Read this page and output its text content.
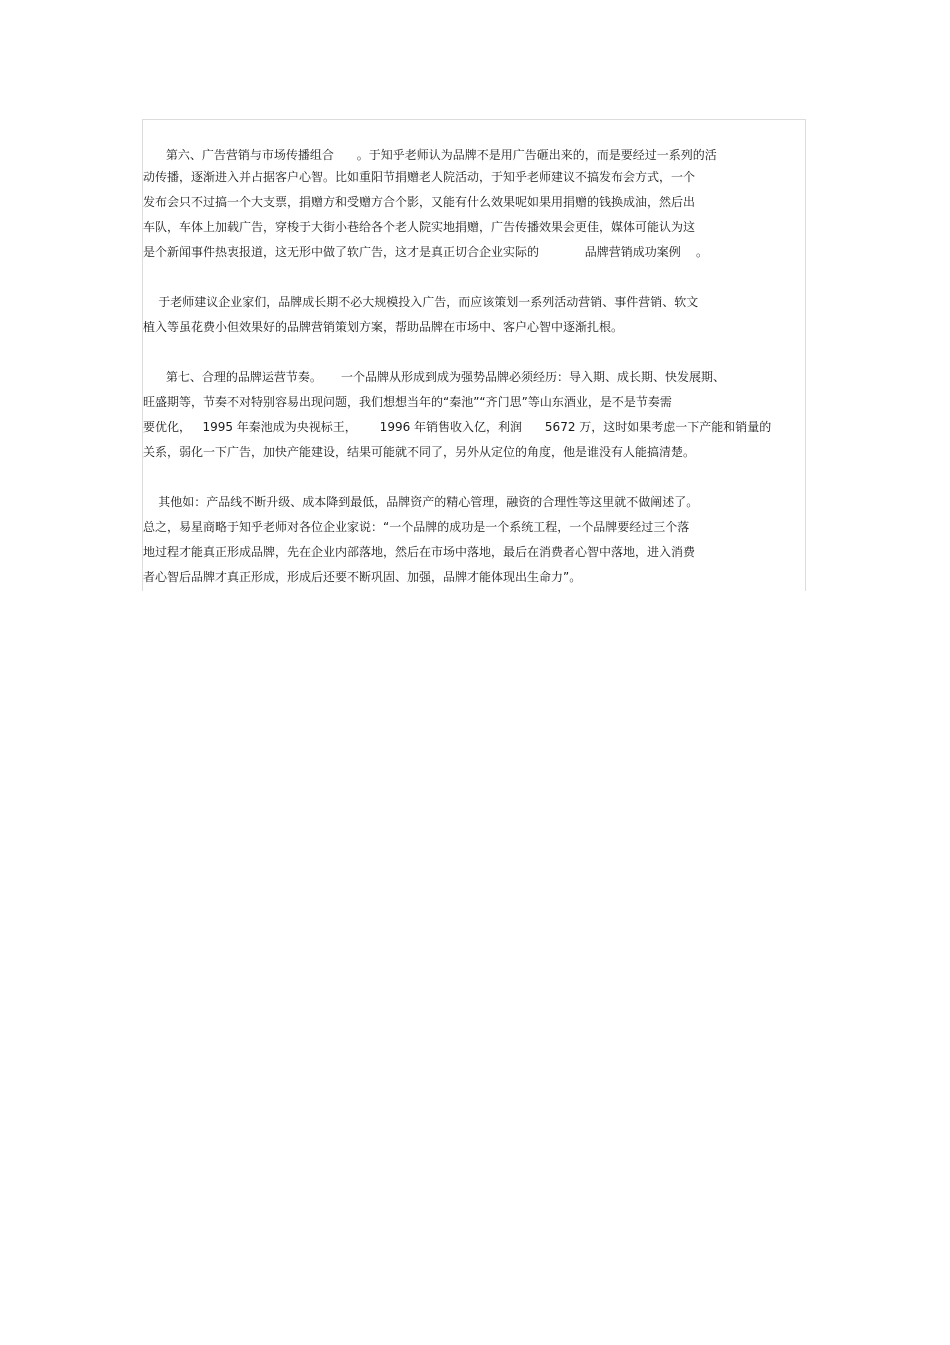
第六、广告营销与市场传播组合      。于知乎老师认为品牌不是用广告砸出来的，而是要经过一系列的活
动传播，逐渐进入并占据客户心智。比如重阳节捐赠老人院活动，于知乎老师建议不搞发布会方式，一个
发布会只不过搞一个大支票，捐赠方和受赠方合个影，又能有什么效果呢如果用捐赠的钱换成油，然后出
车队，车体上加载广告，穿梭于大街小巷给各个老人院实地捐赠，广告传播效果会更佳，媒体可能认为这
是个新闻事件热衷报道，这无形中做了软广告，这才是真正切合企业实际的            品牌营销成功案例    。
于老师建议企业家们，品牌成长期不必大规模投入广告，而应该策划一系列活动营销、事件营销、软文
植入等虽花费小但效果好的品牌营销策划方案，帮助品牌在市场中、客户心智中逐渐扎根。
第七、合理的品牌运营节奏。     一个品牌从形成到成为强势品牌必须经历：导入期、成长期、快发展期、
旺盛期等，节奏不对特别容易出现问题，我们想想当年的“秦池”“齐门思”等山东酒业，是不是节奏需
要优化，   1995 年秦池成为央视标王，      1996 年销售收入亿，利润      5672 万，这时如果考虑一下产能和销量的
关系，弱化一下广告，加快产能建设，结果可能就不同了，另外从定位的角度，他是谁没有人能搞清楚。
其他如：产品线不断升级、成本降到最低，品牌资产的精心管理，融资的合理性等这里就不做阐述了。
总之，易星商略于知乎老师对各位企业家说：“一个品牌的成功是一个系统工程，一个品牌要经过三个落
地过程才能真正形成品牌，先在企业内部落地，然后在市场中落地，最后在消费者心智中落地，进入消费
者心智后品牌才真正形成，形成后还要不断巩固、加强，品牌才能体现出生命力”。
